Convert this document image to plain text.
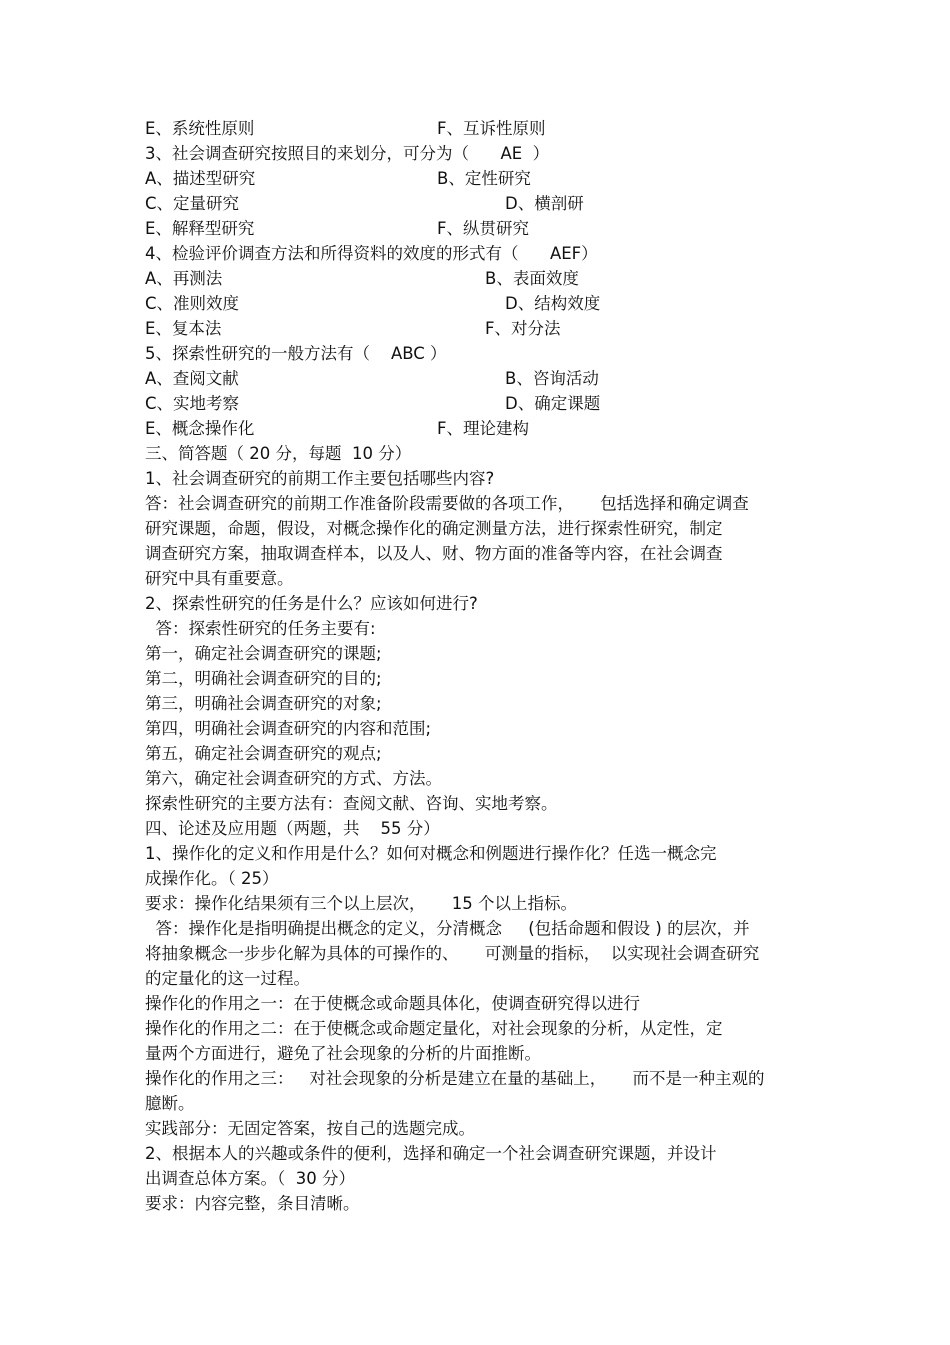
E、系统性原则	F、互诉性原则
3、社会调查研究按照目的来划分，可分为（      AE  ）
A、描述型研究	B、定性研究
C、定量研究	D、横剖研
E、解释型研究	F、纵贯研究
4、检验评价调查方法和所得资料的效度的形式有（      AEF）
A、再测法	B、表面效度
C、准则效度	D、结构效度
E、复本法	F、对分法
5、探索性研究的一般方法有（    ABC ）
A、查阅文献	B、咨询活动
C、实地考察	D、确定课题
E、概念操作化	F、理论建构
三、简答题（ 20 分，每题  10 分）
1、社会调查研究的前期工作主要包括哪些内容?
答：社会调查研究的前期工作准备阶段需要做的各项工作，     包括选择和确定调查
研究课题，命题，假设，对概念操作化的确定测量方法，进行探索性研究，制定
调查研究方案，抽取调查样本，以及人、财、物方面的准备等内容，在社会调查
研究中具有重要意。
2、探索性研究的任务是什么？应该如何进行?
答：探索性研究的任务主要有:
第一，确定社会调查研究的课题;
第二，明确社会调查研究的目的;
第三，明确社会调查研究的对象;
第四，明确社会调查研究的内容和范围;
第五，确定社会调查研究的观点;
第六，确定社会调查研究的方式、方法。
探索性研究的主要方法有：查阅文献、咨询、实地考察。
四、论述及应用题（两题，共    55 分）
1、操作化的定义和作用是什么？如何对概念和例题进行操作化？任选一概念完
成操作化。（ 25）
要求：操作化结果须有三个以上层次，     15 个以上指标。
答：操作化是指明确提出概念的定义，分清概念     (包括命题和假设 ) 的层次，并
将抽象概念一步步化解为具体的可操作的、     可测量的指标，  以实现社会调查研究
的定量化的这一过程。
操作化的作用之一：在于使概念或命题具体化，使调查研究得以进行
操作化的作用之二：在于使概念或命题定量化，对社会现象的分析，从定性，定
量两个方面进行，避免了社会现象的分析的片面推断。
操作化的作用之三：   对社会现象的分析是建立在量的基础上，     而不是一种主观的
臆断。
实践部分：无固定答案，按自己的选题完成。
2、根据本人的兴趣或条件的便利，选择和确定一个社会调查研究课题，并设计
出调查总体方案。（  30 分）
要求：内容完整，条目清晰。
